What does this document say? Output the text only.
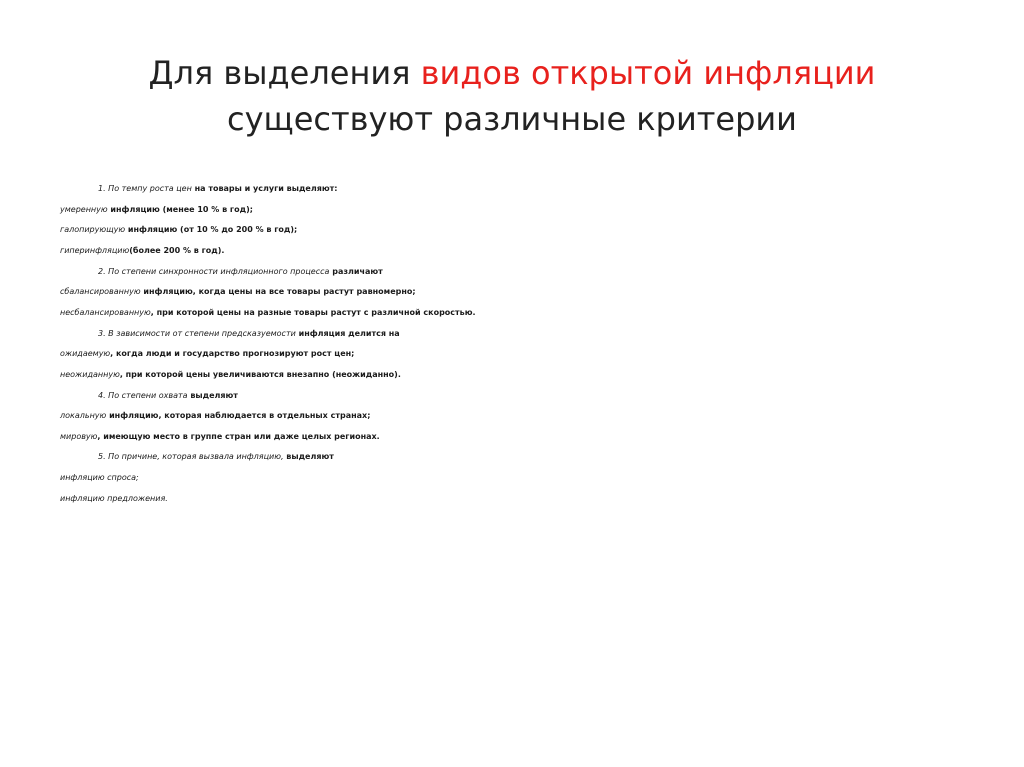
Для выделения видов открытой инфляции
существуют различные критерии
1. По темпу роста цен на товары и услуги выделяют:
умеренную инфляцию (менее 10 % в год);
галопирующую инфляцию (от 10 % до 200 % в год);
гиперинфляцию(более 200 % в год).
2. По степени синхронности инфляционного процесса различают
сбалансированную инфляцию, когда цены на все товары растут равномерно;
несбалансированную, при которой цены на разные товары растут с различной скоростью.
3. В зависимости от степени предсказуемости инфляция делится на
ожидаемую, когда люди и государство прогнозируют рост цен;
неожиданную, при которой цены увеличиваются внезапно (неожиданно).
4. По степени охвата выделяют
локальную инфляцию, которая наблюдается в отдельных странах;
мировую, имеющую место в группе стран или даже целых регионах.
5. По причине, которая вызвала инфляцию, выделяют
инфляцию спроса;
инфляцию предложения.
